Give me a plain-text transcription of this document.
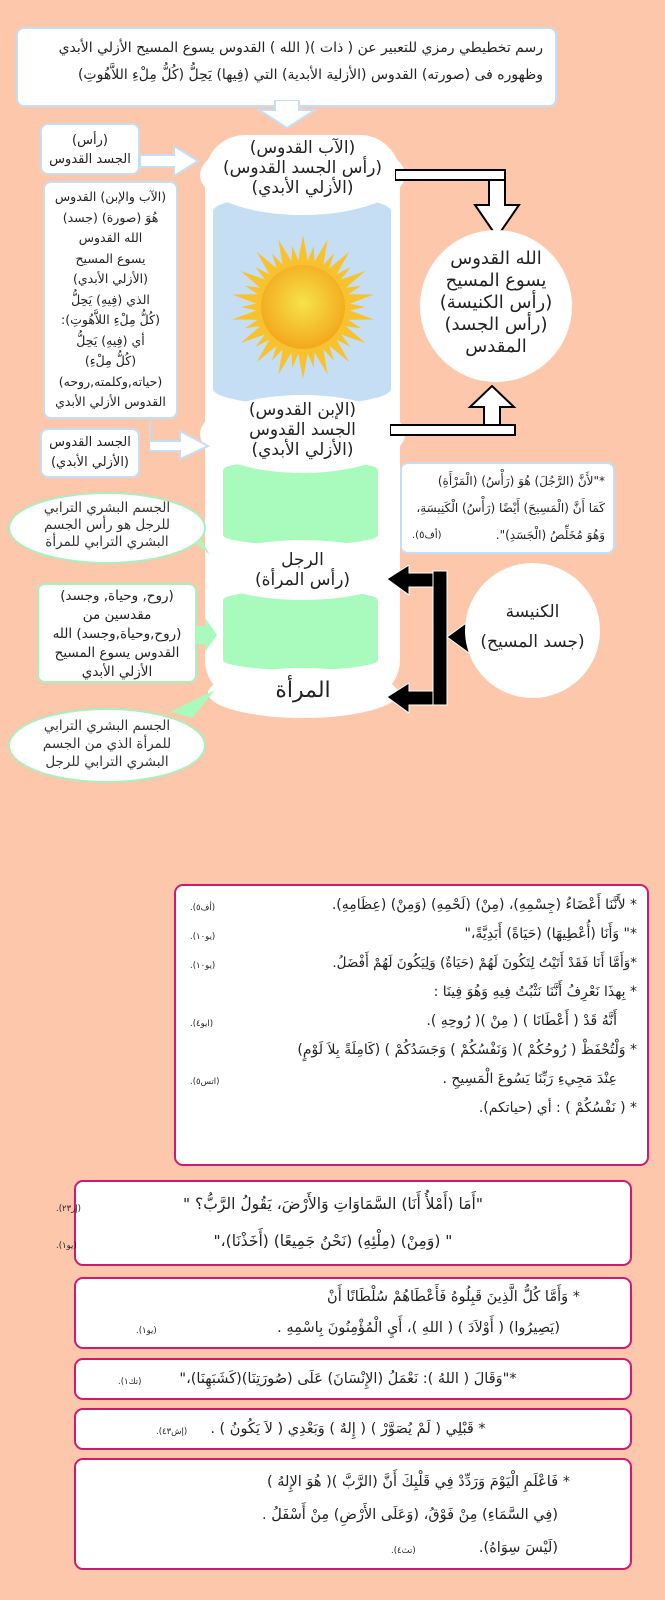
رسم تخطيطي رمزي للتعبير عن ( ذات )( الله ) القدوس يسوع المسيح الأزلي الأبدي
وظهوره فى (صورته) القدوس (الأزلية الأبدية) التي (فِيها) يَحِلُّ (كُلُّ مِلْءِ اللاَّهُوتِ)
(الآب القدوس)
(رأس الجسد القدوس)
(الأزلي الأبدي)
(الإبن القدوس)
الجسد القدوس
(الأزلي الأبدي)
الرجل
(رأس المرأة)
المرأة
(رأس)
الجسد القدوس
(الآب والإبن) القدوس
هُوَ (صورة) (جسد)
الله القدوس
يسوع المسيح
(الأزلي الأبدي)
الذي (فِيهِ) يَحِلُّ
(كُلُّ مِلْءِ اللاَّهُوتِ):
أي (فِيهِ) يَحِلُّ
(كُلُّ مِلْءِ)
(حياته,وكلمته,روحه)
القدوس الأزلي الأبدي
الجسد القدوس
(الأزلي الأبدي)
الجسم البشري الترابي
للرجل هو رأس الجسم
البشري الترابي للمرأة
(روح, وحياة, وجسد)
مقدسين من
(روح,وحياة,وجسد) الله
القدوس يسوع المسيح
الأزلي الأبدي
الجسم البشري الترابي
للمرأة الذي من الجسم
البشري الترابي للرجل
الله القدوس
يسوع المسيح
(رأس الكنيسة)
(رأس الجسد)
المقدس
*"لأَنَّ (الرَّجُلَ) هُوَ (رَأْسُ) (الْمَرْأَةِ)
كَمَا أَنَّ (الْمَسِيحَ) أَيْضًا (رَأْسُ) الْكَنِيسَةِ،
وَهُوَ مُخَلِّصُ (الْجَسَدِ)".
(أف٥).
الكنيسة
(جسد المسيح)
* لأَنَّنَا أَعْضَاءُ (جِسْمِهِ)، (مِنْ) (لَحْمِهِ) (وَمِنْ) (عِظَامِهِ).
(أف٥).
*" وَأَنَا (أُعْطِيهَا) (حَيَاةً) أَبَدِيَّةً،"
(يو١٠).
*وَأَمَّا أَنَا فَقَدْ أَتَيْتُ لِتَكُونَ لَهُمْ (حَيَاةٌ) وَلِيَكُونَ لَهُمْ أَفْضَلُ.
(يو١٠).
* بِهذَا نَعْرِفُ أَنَّنَا نَثْبُتُ فِيهِ وَهُوَ فِينَا :
أَنَّهُ قَدْ ( أَعْطَانَا ) ( مِنْ )( رُوحِهِ ).
(ايو٤).
* وَلْتُحْفَظْ ( رُوحُكُمْ )( وَنَفْسُكُمْ ) وَجَسَدُكُمْ ) (كَامِلَةً بِلاَ لَوْمٍ)
عِنْدَ مَجِيءِ رَبِّنَا يَسُوعَ الْمَسِيحِ .
(اتس٥).
* ( نَفْسُكُمْ ) : أي (حياتكم).
"أَمَا (أَمْلأُ أَنَا) السَّمَاوَاتِ وَالأَرْضَ، يَقُولُ الرَّبُّ؟ "
(إر٢٣).
" (وَمِنْ) (مِلْئِهِ) (نَحْنُ جَمِيعًا) (أَخَذْنَا)،"
(يو١).
* وَأَمَّا كُلُّ الَّذِينَ قَبِلُوهُ فَأَعْطَاهُمْ سُلْطَانًا أَنْ
(يَصِيرُوا) ( أَوْلاَدَ ) ( اللهِ )، أَيِ الْمُؤْمِنُونَ بِاسْمِهِ .
(يو١).
*"وَقَالَ ( اللهُ ): نَعْمَلُ (الإِنْسَانَ) عَلَى (صُورَتِنَا)(كَشَبَهِنَا)،"
(تك١).
* قَبْلِي ( لَمْ يُصَوَّرْ ) ( إِلهٌ ) وَبَعْدِي ( لاَ يَكُونُ ) .
(إش٤٣).
* فَاعْلَمِ الْيَوْمَ وَرَدِّدْ فِي قَلْبِكَ أَنَّ (الرَّبَّ )( هُوَ الإِلهُ )
(فِي السَّمَاءِ) مِنْ فَوْقُ، (وَعَلَى الأَرْضِ) مِنْ أَسْفَلُ .
(لَيْسَ سِوَاهُ).
(تث٤).
